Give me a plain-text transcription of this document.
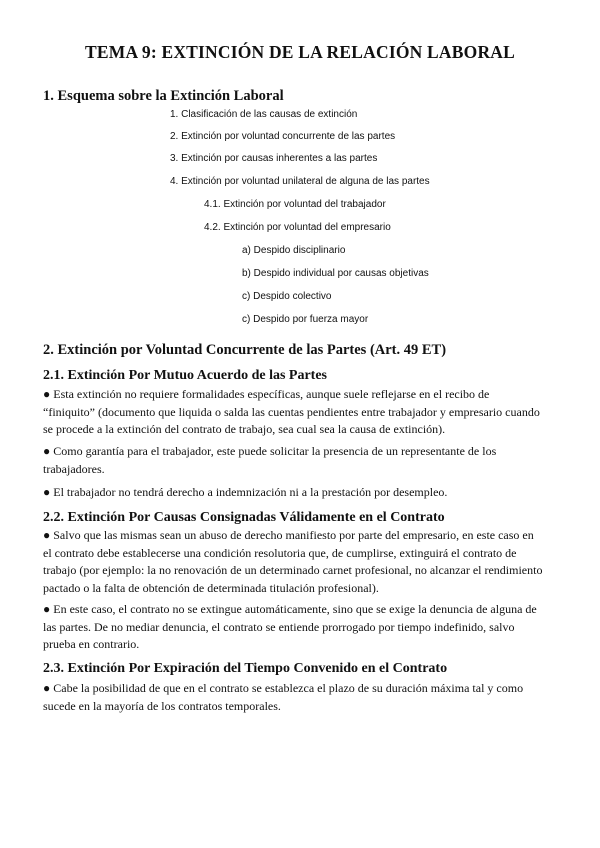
TEMA 9: EXTINCIÓN DE LA RELACIÓN LABORAL
1. Esquema sobre la Extinción Laboral
1. Clasificación de las causas de extinción
2. Extinción por voluntad concurrente de las partes
3. Extinción por causas inherentes a las partes
4. Extinción por voluntad unilateral de alguna de las partes
4.1. Extinción por voluntad del trabajador
4.2. Extinción por voluntad del empresario
a) Despido disciplinario
b) Despido individual por causas objetivas
c) Despido colectivo
c) Despido por fuerza mayor
2. Extinción por Voluntad Concurrente de las Partes (Art. 49 ET)
2.1. Extinción Por Mutuo Acuerdo de las Partes
● Esta extinción no requiere formalidades específicas, aunque suele reflejarse en el recibo de “finiquito” (documento que liquida o salda las cuentas pendientes entre trabajador y empresario cuando se procede a la extinción del contrato de trabajo, sea cual sea la causa de extinción).
● Como garantía para el trabajador, este puede solicitar la presencia de un representante de los trabajadores.
● El trabajador no tendrá derecho a indemnización ni a la prestación por desempleo.
2.2. Extinción Por Causas Consignadas Válidamente en el Contrato
● Salvo que las mismas sean un abuso de derecho manifiesto por parte del empresario, en este caso en el contrato debe establecerse una condición resolutoria que, de cumplirse, extinguirá el contrato de trabajo (por ejemplo: la no renovación de un determinado carnet profesional, no alcanzar el rendimiento pactado o la falta de obtención de determinada titulación profesional).
● En este caso, el contrato no se extingue automáticamente, sino que se exige la denuncia de alguna de las partes. De no mediar denuncia, el contrato se entiende prorrogado por tiempo indefinido, salvo prueba en contrario.
2.3. Extinción Por Expiración del Tiempo Convenido en el Contrato
● Cabe la posibilidad de que en el contrato se establezca el plazo de su duración máxima tal y como sucede en la mayoría de los contratos temporales.
